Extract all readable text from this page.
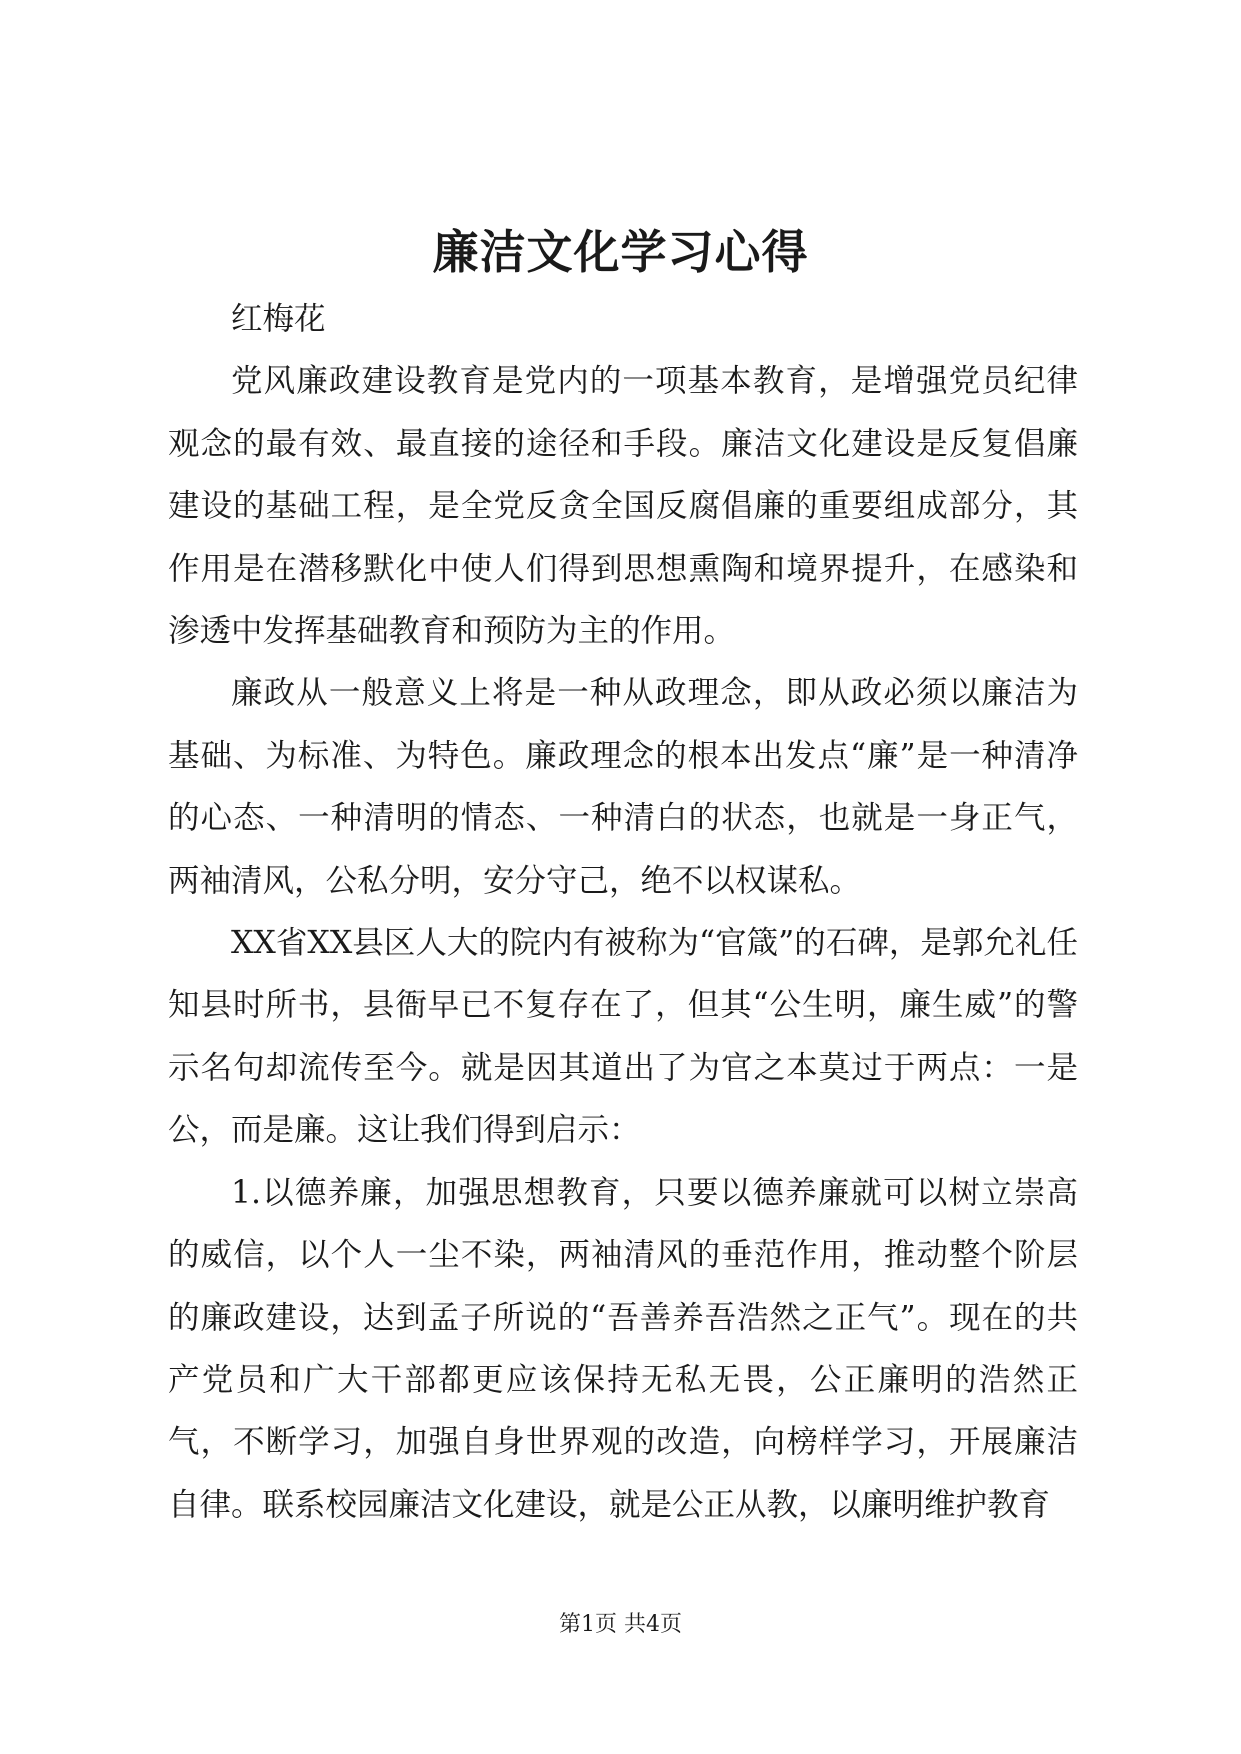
廉洁文化学习心得

红梅花

党风廉政建设教育是党内的一项基本教育，是增强党员纪律观念的最有效、最直接的途径和手段。廉洁文化建设是反复倡廉建设的基础工程，是全党反贪全国反腐倡廉的重要组成部分，其作用是在潜移默化中使人们得到思想熏陶和境界提升，在感染和渗透中发挥基础教育和预防为主的作用。

廉政从一般意义上将是一种从政理念，即从政必须以廉洁为基础、为标准、为特色。廉政理念的根本出发点“廉”是一种清净的心态、一种清明的情态、一种清白的状态，也就是一身正气，两袖清风，公私分明，安分守己，绝不以权谋私。

XX省XX县区人大的院内有被称为“官箴”的石碑，是郭允礼任知县时所书，县衙早已不复存在了，但其“公生明，廉生威”的警示名句却流传至今。就是因其道出了为官之本莫过于两点：一是公，而是廉。这让我们得到启示：

1.以德养廉，加强思想教育，只要以德养廉就可以树立崇高的威信，以个人一尘不染，两袖清风的垂范作用，推动整个阶层的廉政建设，达到孟子所说的“吾善养吾浩然之正气”。现在的共产党员和广大干部都更应该保持无私无畏，公正廉明的浩然正气，不断学习，加强自身世界观的改造，向榜样学习，开展廉洁自律。联系校园廉洁文化建设，就是公正从教，以廉明维护教育

第1页 共4页
